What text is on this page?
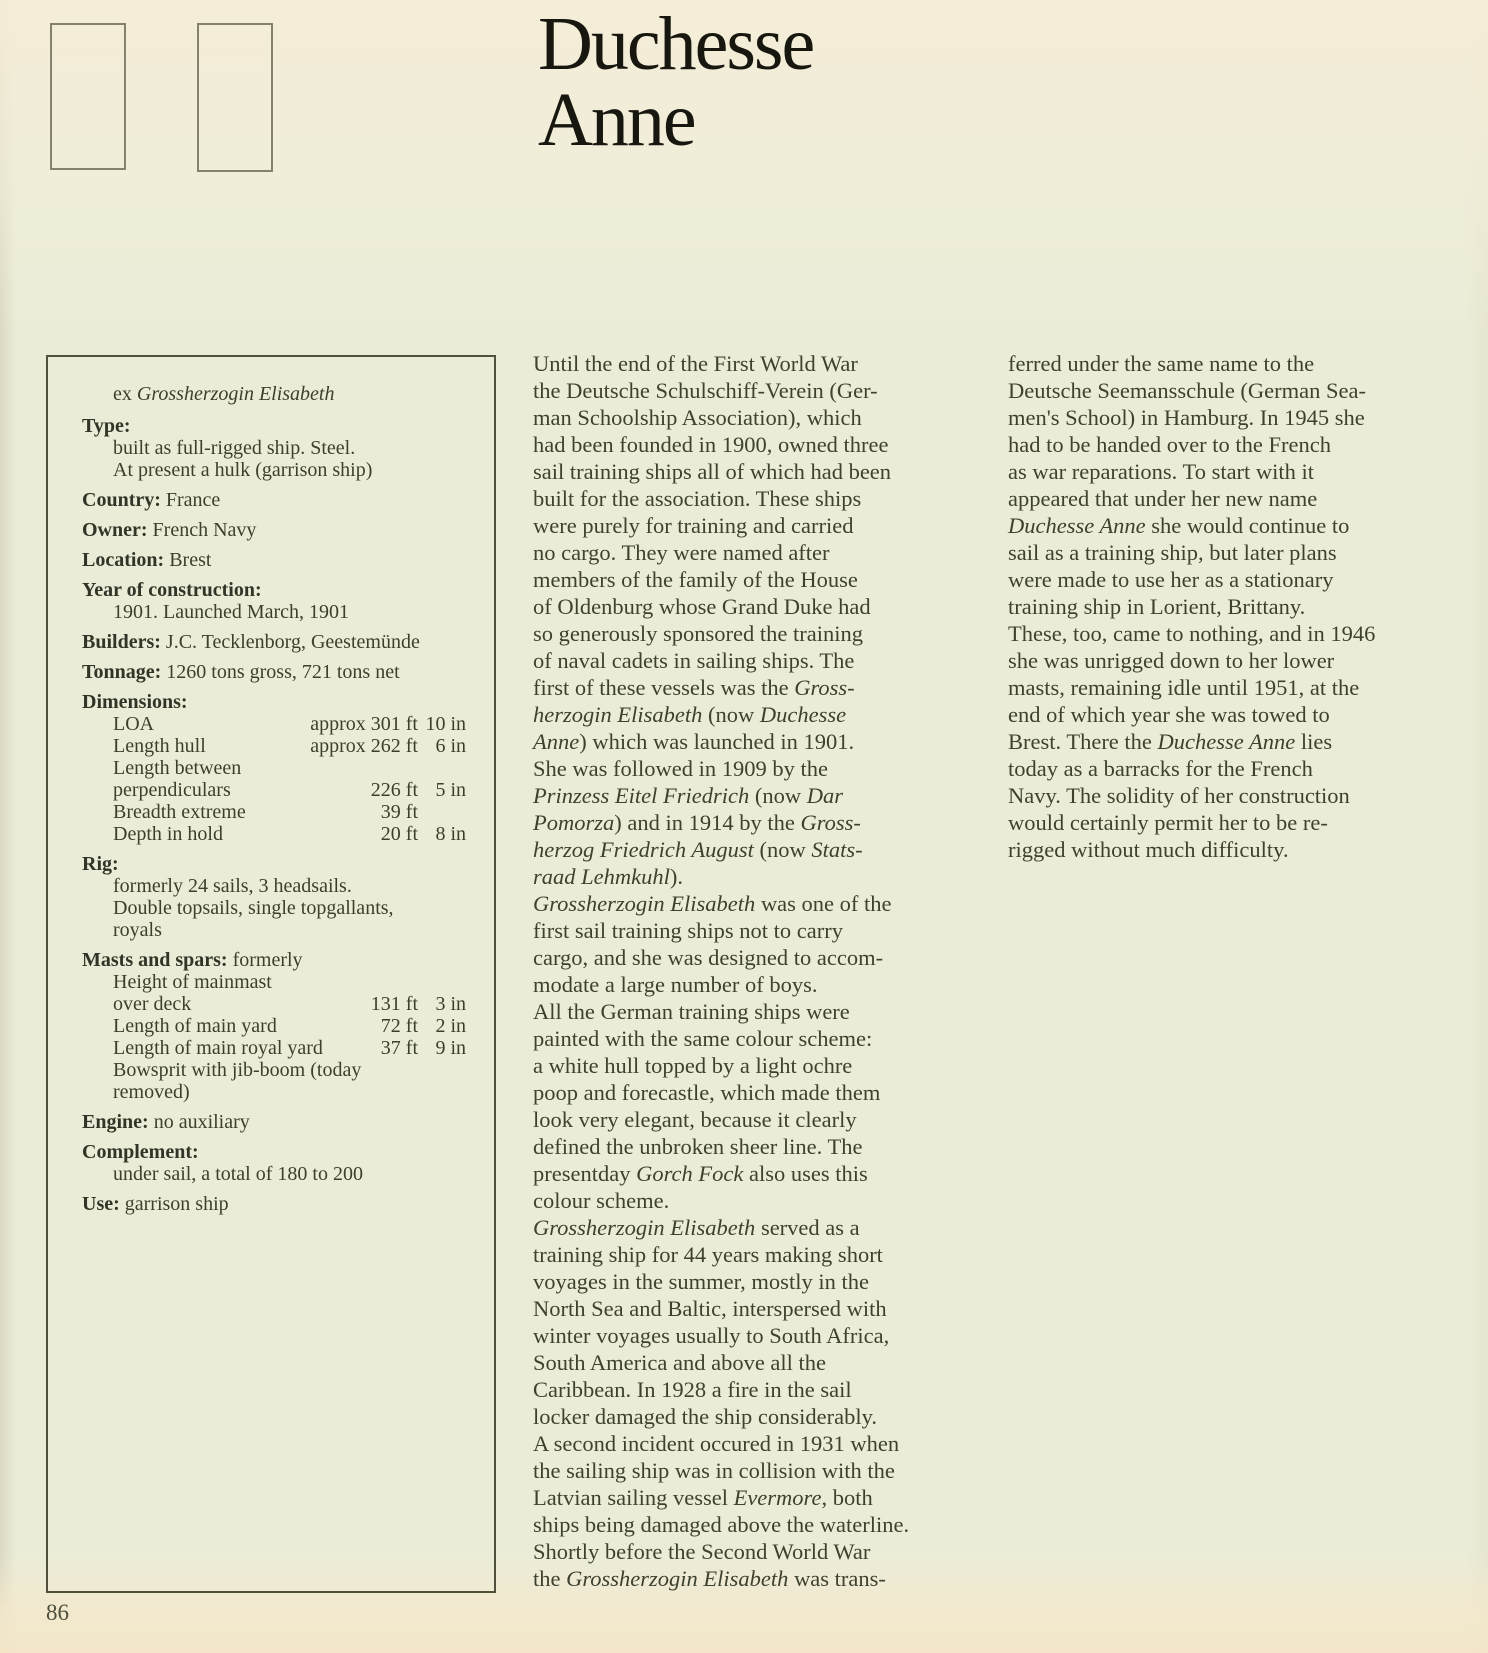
Duchesse
Anne
ex Grossherzogin Elisabeth
Type:
built as full-rigged ship. Steel.
At present a hulk (garrison ship)
Country: France
Owner: French Navy
Location: Brest
Year of construction:
1901. Launched March, 1901
Builders: J.C. Tecklenborg, Geestemünde
Tonnage: 1260 tons gross, 721 tons net
Dimensions:
LOA	approx 301 ft 10 in
Length hull	approx 262 ft 6 in
Length between
perpendiculars	226 ft 5 in
Breadth extreme	39 ft
Depth in hold	20 ft 8 in
Rig:
formerly 24 sails, 3 headsails.
Double topsails, single topgallants,
royals
Masts and spars: formerly
Height of mainmast
over deck	131 ft 3 in
Length of main yard	72 ft 2 in
Length of main royal yard	37 ft 9 in
Bowsprit with jib-boom (today
removed)
Engine: no auxiliary
Complement:
under sail, a total of 180 to 200
Use: garrison ship
Until the end of the First World War
the Deutsche Schulschiff-Verein (Ger-
man Schoolship Association), which
had been founded in 1900, owned three
sail training ships all of which had been
built for the association. These ships
were purely for training and carried
no cargo. They were named after
members of the family of the House
of Oldenburg whose Grand Duke had
so generously sponsored the training
of naval cadets in sailing ships. The
first of these vessels was the Gross-
herzogin Elisabeth (now Duchesse
Anne) which was launched in 1901.
She was followed in 1909 by the
Prinzess Eitel Friedrich (now Dar
Pomorza) and in 1914 by the Gross-
herzog Friedrich August (now Stats-
raad Lehmkuhl).
Grossherzogin Elisabeth was one of the
first sail training ships not to carry
cargo, and she was designed to accom-
modate a large number of boys.
All the German training ships were
painted with the same colour scheme:
a white hull topped by a light ochre
poop and forecastle, which made them
look very elegant, because it clearly
defined the unbroken sheer line. The
presentday Gorch Fock also uses this
colour scheme.
Grossherzogin Elisabeth served as a
training ship for 44 years making short
voyages in the summer, mostly in the
North Sea and Baltic, interspersed with
winter voyages usually to South Africa,
South America and above all the
Caribbean. In 1928 a fire in the sail
locker damaged the ship considerably.
A second incident occured in 1931 when
the sailing ship was in collision with the
Latvian sailing vessel Evermore, both
ships being damaged above the waterline.
Shortly before the Second World War
the Grossherzogin Elisabeth was trans-
ferred under the same name to the
Deutsche Seemansschule (German Sea-
men's School) in Hamburg. In 1945 she
had to be handed over to the French
as war reparations. To start with it
appeared that under her new name
Duchesse Anne she would continue to
sail as a training ship, but later plans
were made to use her as a stationary
training ship in Lorient, Brittany.
These, too, came to nothing, and in 1946
she was unrigged down to her lower
masts, remaining idle until 1951, at the
end of which year she was towed to
Brest. There the Duchesse Anne lies
today as a barracks for the French
Navy. The solidity of her construction
would certainly permit her to be re-
rigged without much difficulty.
86
